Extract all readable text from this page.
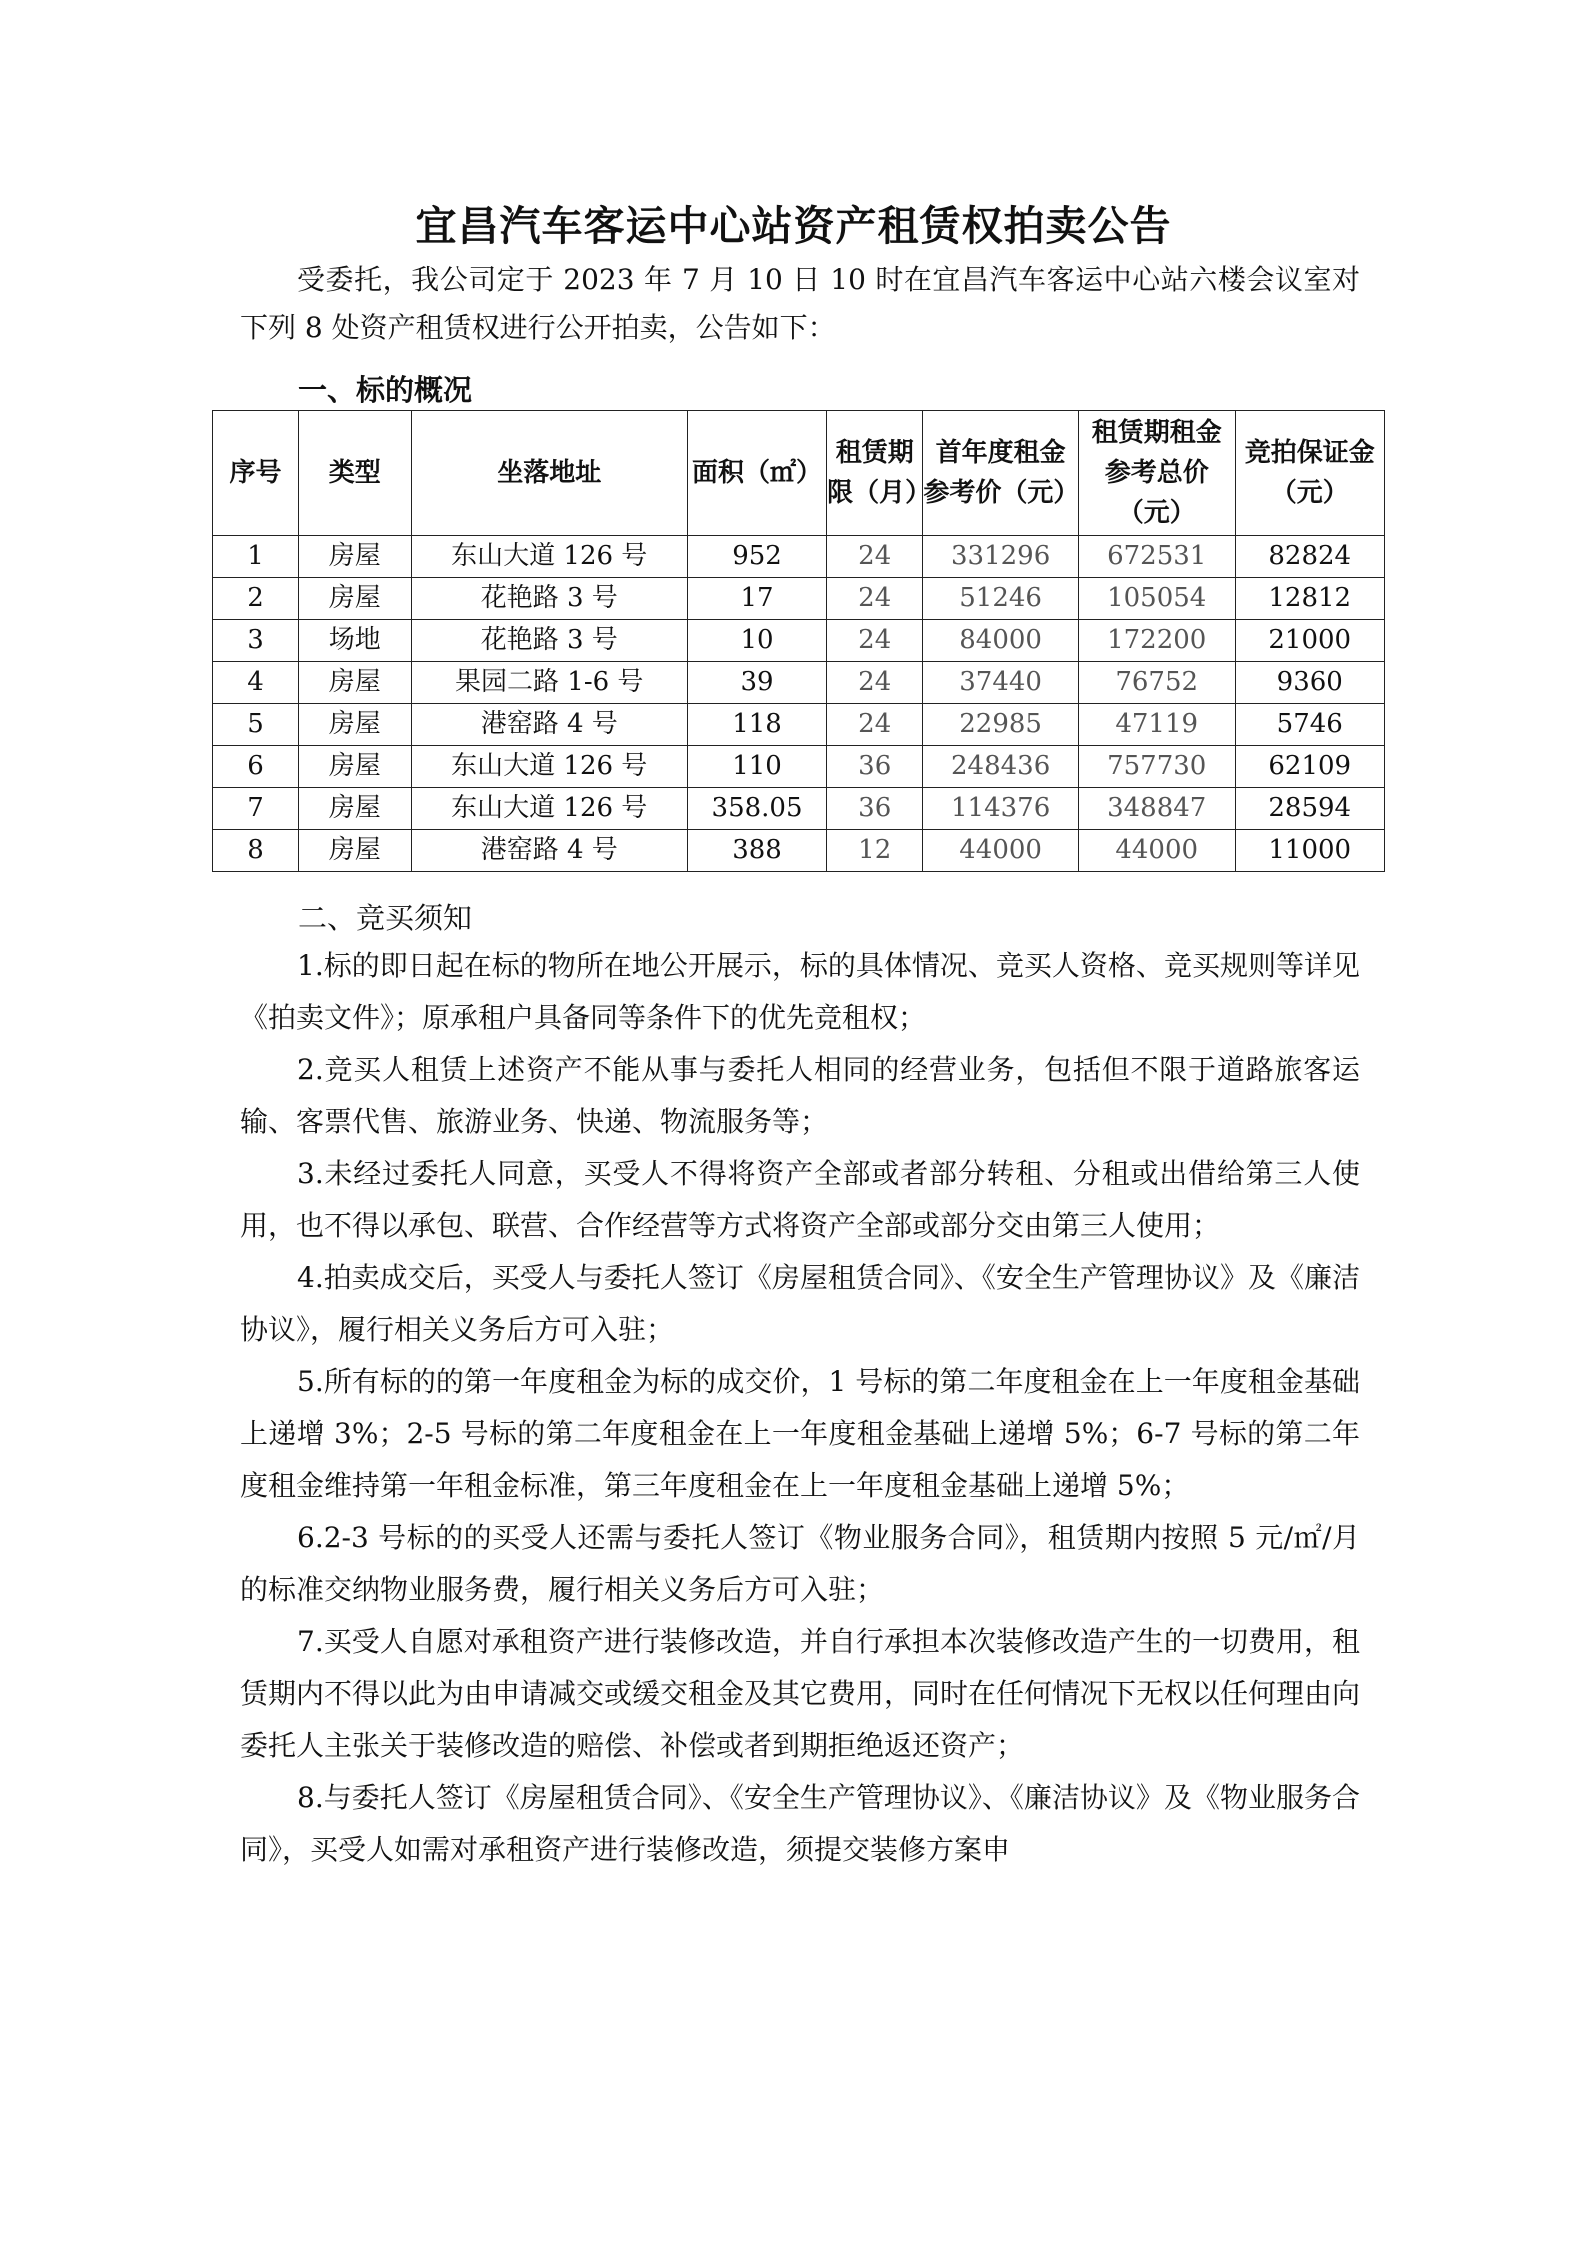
宜昌汽车客运中心站资产租赁权拍卖公告
受委托，我公司定于 2023 年 7 月 10 日 10 时在宜昌汽车客运中心站六楼会议室对下列 8 处资产租赁权进行公开拍卖，公告如下：
一、标的概况
序号	类型	坐落地址	面积（㎡）	租赁期限（月）	首年度租金参考价（元）	租赁期租金参考总价（元）	竞拍保证金（元）
1	房屋	东山大道 126 号	952	24	331296	672531	82824
2	房屋	花艳路 3 号	17	24	51246	105054	12812
3	场地	花艳路 3 号	10	24	84000	172200	21000
4	房屋	果园二路 1-6 号	39	24	37440	76752	9360
5	房屋	港窑路 4 号	118	24	22985	47119	5746
6	房屋	东山大道 126 号	110	36	248436	757730	62109
7	房屋	东山大道 126 号	358.05	36	114376	348847	28594
8	房屋	港窑路 4 号	388	12	44000	44000	11000
二、竞买须知

1.标的即日起在标的物所在地公开展示，标的具体情况、竞买人资格、竞买规则等详见《拍卖文件》；原承租户具备同等条件下的优先竞租权；

2.竞买人租赁上述资产不能从事与委托人相同的经营业务，包括但不限于道路旅客运输、客票代售、旅游业务、快递、物流服务等；

3.未经过委托人同意，买受人不得将资产全部或者部分转租、分租或出借给第三人使用，也不得以承包、联营、合作经营等方式将资产全部或部分交由第三人使用；

4.拍卖成交后，买受人与委托人签订《房屋租赁合同》、《安全生产管理协议》及《廉洁协议》，履行相关义务后方可入驻；

5.所有标的的第一年度租金为标的成交价，1 号标的第二年度租金在上一年度租金基础上递增 3%；2-5 号标的第二年度租金在上一年度租金基础上递增 5%；6-7 号标的第二年度租金维持第一年租金标准，第三年度租金在上一年度租金基础上递增 5%；

6.2-3 号标的的买受人还需与委托人签订《物业服务合同》，租赁期内按照 5 元/㎡/月的标准交纳物业服务费，履行相关义务后方可入驻；

7.买受人自愿对承租资产进行装修改造，并自行承担本次装修改造产生的一切费用，租赁期内不得以此为由申请减交或缓交租金及其它费用，同时在任何情况下无权以任何理由向委托人主张关于装修改造的赔偿、补偿或者到期拒绝返还资产；

8.与委托人签订《房屋租赁合同》、《安全生产管理协议》、《廉洁协议》及《物业服务合同》，买受人如需对承租资产进行装修改造，须提交装修方案申
